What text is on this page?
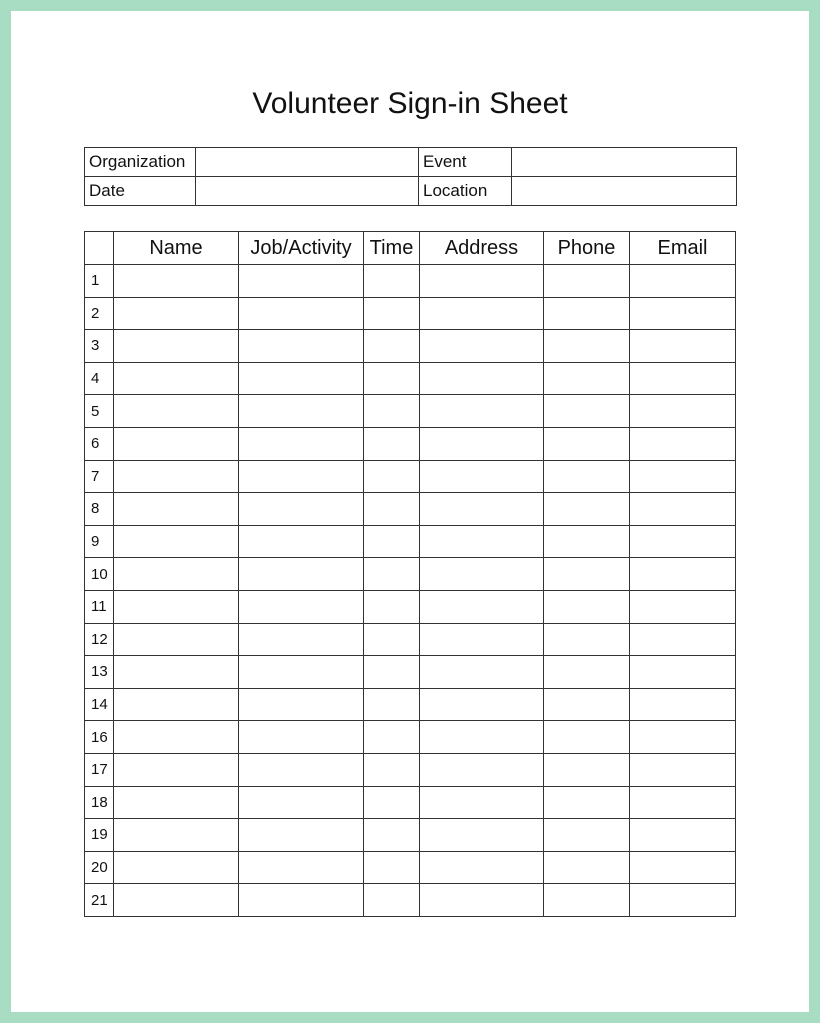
Volunteer Sign-in Sheet
Organization		Event	
Date		Location	
	Name	Job/Activity	Time	Address	Phone	Email
1						
2						
3						
4						
5						
6						
7						
8						
9						
10						
11						
12						
13						
14						
16						
17						
18						
19						
20						
21						
